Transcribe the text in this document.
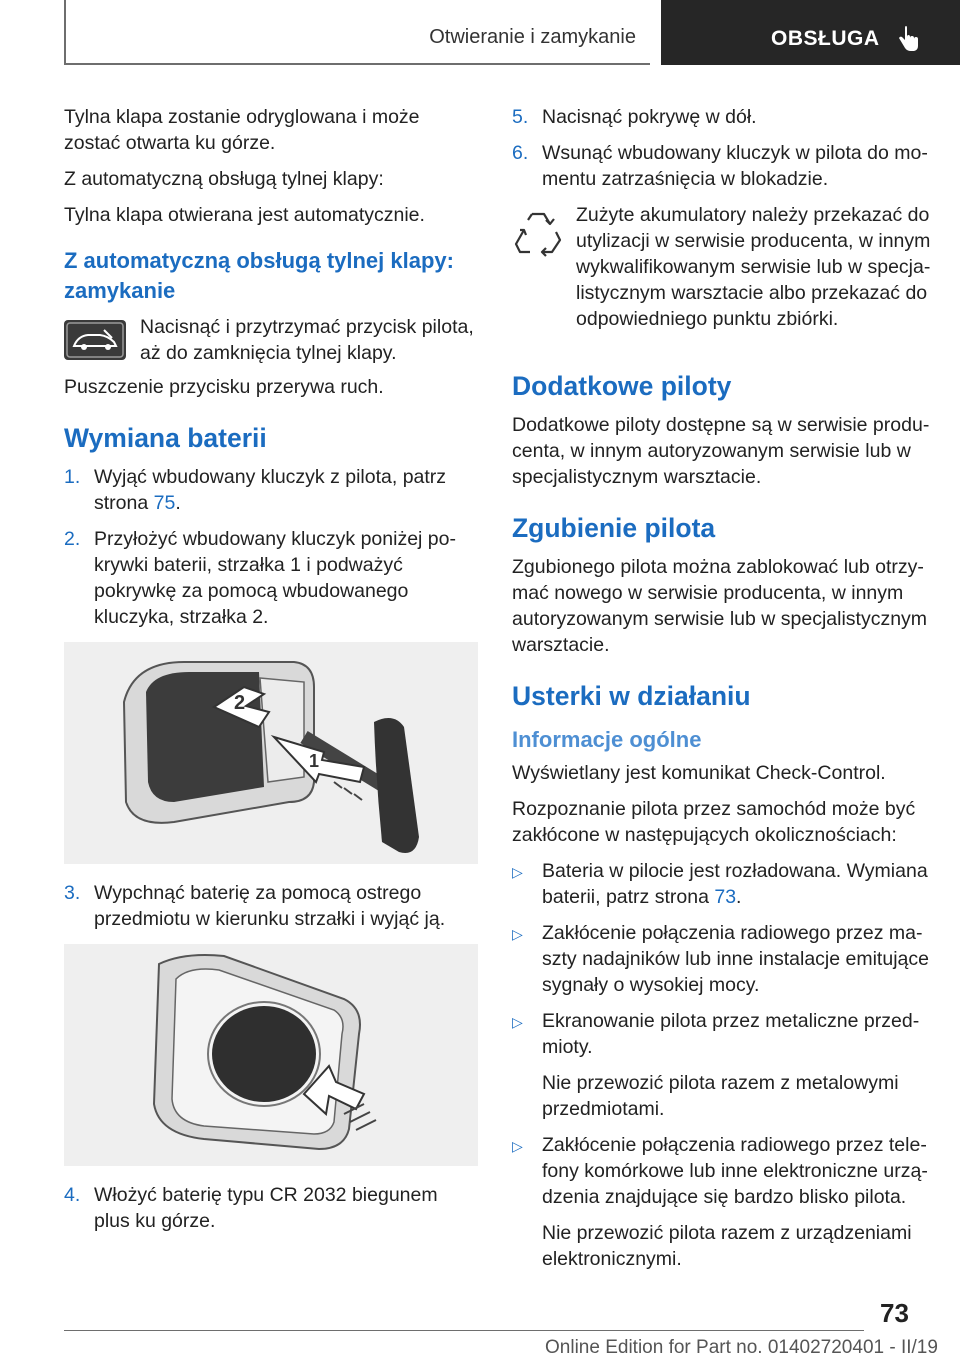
Otwieranie i zamykanie	OBSŁUGA

Tylna klapa zostanie odryglowana i może zostać otwarta ku górze.

Z automatyczną obsługą tylnej klapy:

Tylna klapa otwierana jest automatycznie.

Z automatyczną obsługą tylnej klapy: zamykanie
Nacisnąć i przytrzymać przycisk pilota, aż do zamknięcia tylnej klapy.

Puszczenie przycisku przerywa ruch.

Wymiana baterii
1. Wyjąć wbudowany kluczyk z pilota, patrz strona 75.
2. Przyłożyć wbudowany kluczyk poniżej pokrywki baterii, strzałka 1 i podważyć pokrywkę za pomocą wbudowanego kluczyka, strzałka 2.
2
1
3. Wypchnąć baterię za pomocą ostrego przedmiotu w kierunku strzałki i wyjąć ją.
4. Włożyć baterię typu CR 2032 biegunem plus ku górze.
5. Nacisnąć pokrywę w dół.
6. Wsunąć wbudowany kluczyk w pilota do momentu zatrzaśnięcia w blokadzie.
Zużyte akumulatory należy przekazać do utylizacji w serwisie producenta, w innym wykwalifikowanym serwisie lub w specjalistycznym warsztacie albo przekazać do odpowiedniego punktu zbiórki.
Dodatkowe piloty

Dodatkowe piloty dostępne są w serwisie producenta, w innym autoryzowanym serwisie lub w specjalistycznym warsztacie.

Zgubienie pilota

Zgubionego pilota można zablokować lub otrzymać nowego w serwisie producenta, w innym autoryzowanym serwisie lub w specjalistycznym warsztacie.

Usterki w działaniu
Informacje ogólne

Wyświetlany jest komunikat Check-Control.

Rozpoznanie pilota przez samochód może być zakłócone w następujących okolicznościach:

▷ Bateria w pilocie jest rozładowana. Wymiana baterii, patrz strona 73.
▷ Zakłócenie połączenia radiowego przez maszty nadajników lub inne instalacje emitujące sygnały o wysokiej mocy.
▷ Ekranowanie pilota przez metaliczne przedmioty.
Nie przewozić pilota razem z metalowymi przedmiotami.
▷ Zakłócenie połączenia radiowego przez telefony komórkowe lub inne elektroniczne urządzenia znajdujące się bardzo blisko pilota.
Nie przewozić pilota razem z urządzeniami elektronicznymi.
73
Online Edition for Part no. 01402720401 - II/19
